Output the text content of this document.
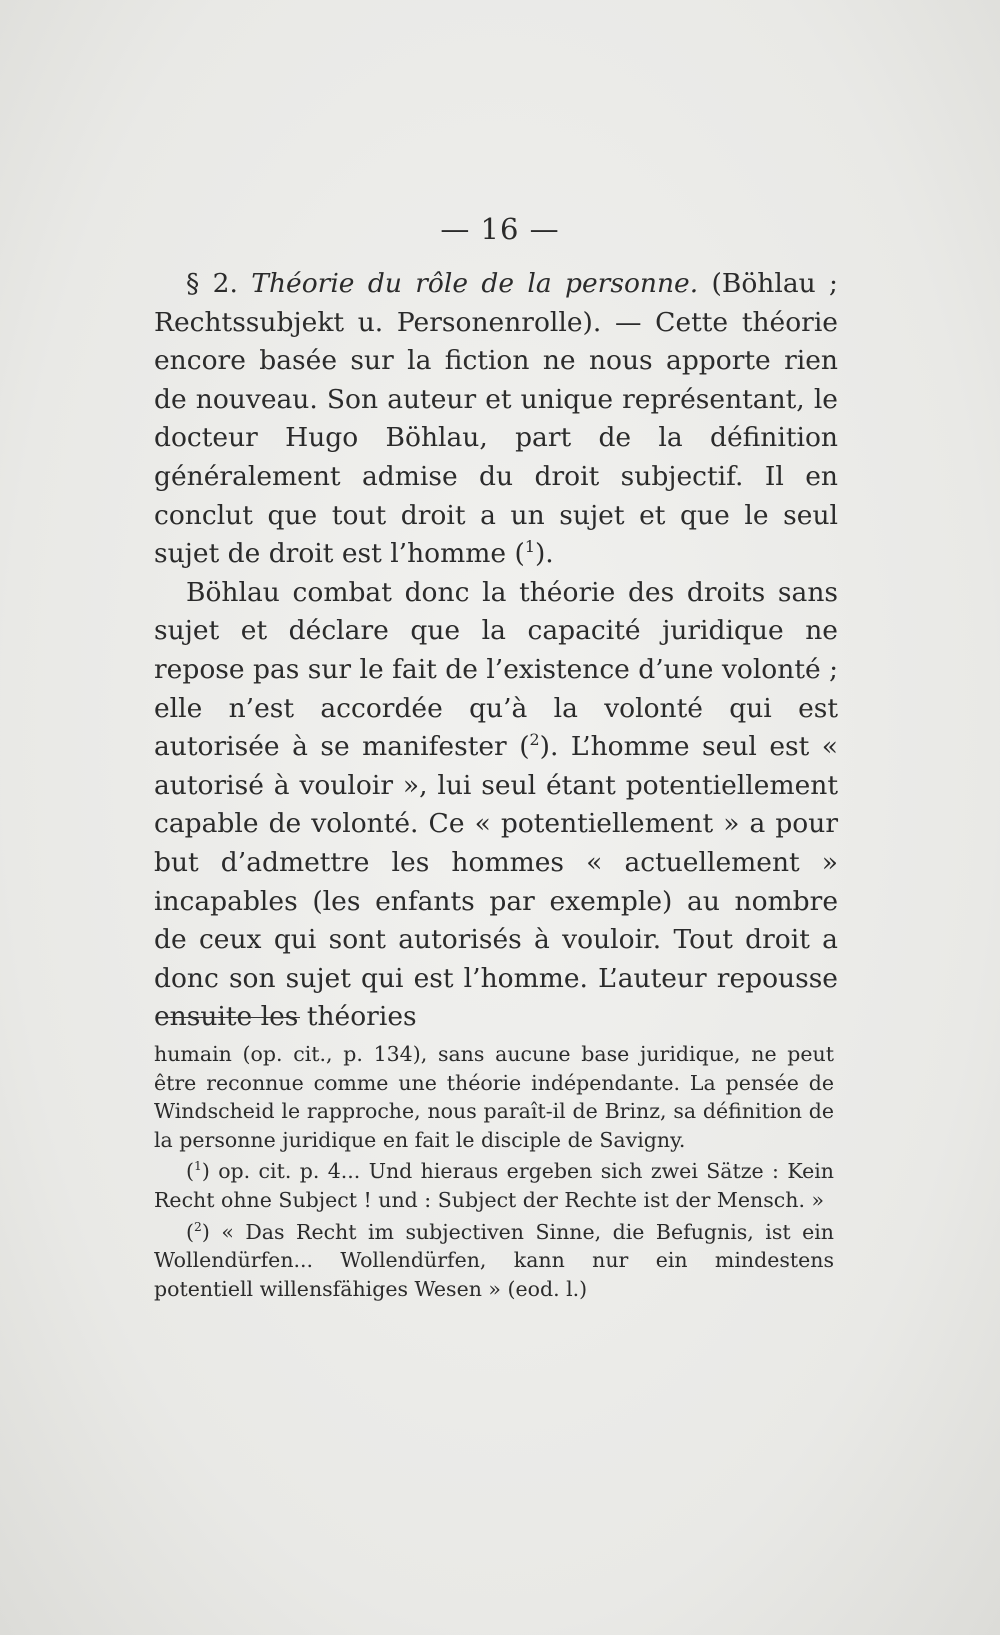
— 16 —

§ 2. Théorie du rôle de la personne. (Böhlau ; Rechtssubjekt u. Personenrolle). — Cette théorie encore basée sur la fiction ne nous apporte rien de nouveau. Son auteur et unique représentant, le docteur Hugo Böhlau, part de la définition généralement admise du droit subjectif. Il en conclut que tout droit a un sujet et que le seul sujet de droit est l’homme ($^1$).

Böhlau combat donc la théorie des droits sans sujet et déclare que la capacité juridique ne repose pas sur le fait de l’existence d’une volonté ; elle n’est accordée qu’à la volonté qui est autorisée à se manifester ($^2$). L’homme seul est « autorisé à vouloir », lui seul étant potentiellement capable de volonté. Ce « potentiellement » a pour but d’admettre les hommes « actuellement » incapables (les enfants par exemple) au nombre de ceux qui sont autorisés à vouloir. Tout droit a donc son sujet qui est l’homme. L’auteur repousse ensuite les théories

humain (op. cit., p. 134), sans aucune base juridique, ne peut être reconnue comme une théorie indépendante. La pensée de Windscheid le rapproche, nous paraît-il de Brinz, sa définition de la personne juridique en fait le disciple de Savigny.

($^1$) op. cit. p. 4... Und hieraus ergeben sich zwei Sätze : Kein Recht ohne Subject ! und : Subject der Rechte ist der Mensch. »

($^2$) « Das Recht im subjectiven Sinne, die Befugnis, ist ein Wollendürfen... Wollendürfen, kann nur ein mindestens potentiell willensfähiges Wesen » (eod. l.)
